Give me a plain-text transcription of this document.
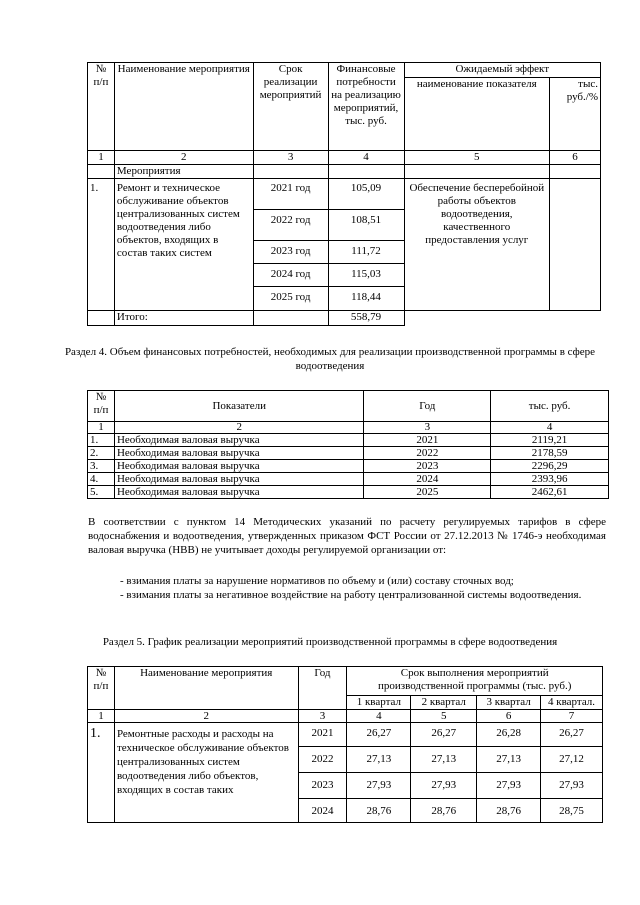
№ п/п	Наименование мероприятия	Срок реализации мероприятий	Финансовые потребности на реализацию мероприятий, тыс. руб.	Ожидаемый эффект	
				наименование показателя	тыс. руб./%
1	2	3	4	5	6
	Мероприятия				
1.	Ремонт и техническое обслуживание объектов централизованных систем водоотведения либо объектов, входящих в состав таких систем	2021 год	105,09	Обеспечение бесперебойной работы объектов водоотведения, качественного предоставления услуг	
		2022 год	108,51		
		2023 год	111,72		
		2024 год	115,03		
		2025 год	118,44		
	Итого:		558,79		

Раздел 4. Объем финансовых потребностей, необходимых для реализации производственной программы в сфере водоотведения

№ п/п	Показатели	Год	тыс. руб.
1	2	3	4
1.	Необходимая валовая выручка	2021	2119,21
2.	Необходимая валовая выручка	2022	2178,59
3.	Необходимая валовая выручка	2023	2296,29
4.	Необходимая валовая выручка	2024	2393,96
5.	Необходимая валовая выручка	2025	2462,61

В соответствии с пунктом 14 Методических указаний по расчету регулируемых тарифов в сфере водоснабжения и водоотведения, утвержденных приказом ФСТ России от 27.12.2013 № 1746-э необходимая валовая выручка (НВВ) не учитывает доходы регулируемой организации от:

- взимания платы за нарушение нормативов по объему и (или) составу сточных вод;

- взимания платы за негативное воздействие на работу централизованной системы водоотведения.

Раздел 5. График реализации мероприятий производственной программы в сфере водоотведения

№ п/п	Наименование мероприятия	Год	Срок выполнения мероприятий производственной программы (тыс. руб.)			
			1 квартал	2 квартал	3 квартал	4 квартал.
1	2	3	4	5	6	7
1.	Ремонтные расходы и расходы на техническое обслуживание объектов централизованных систем водоотведения либо объектов, входящих в состав таких	2021	26,27	26,27	26,28	26,27
		2022	27,13	27,13	27,13	27,12
		2023	27,93	27,93	27,93	27,93
		2024	28,76	28,76	28,76	28,75
